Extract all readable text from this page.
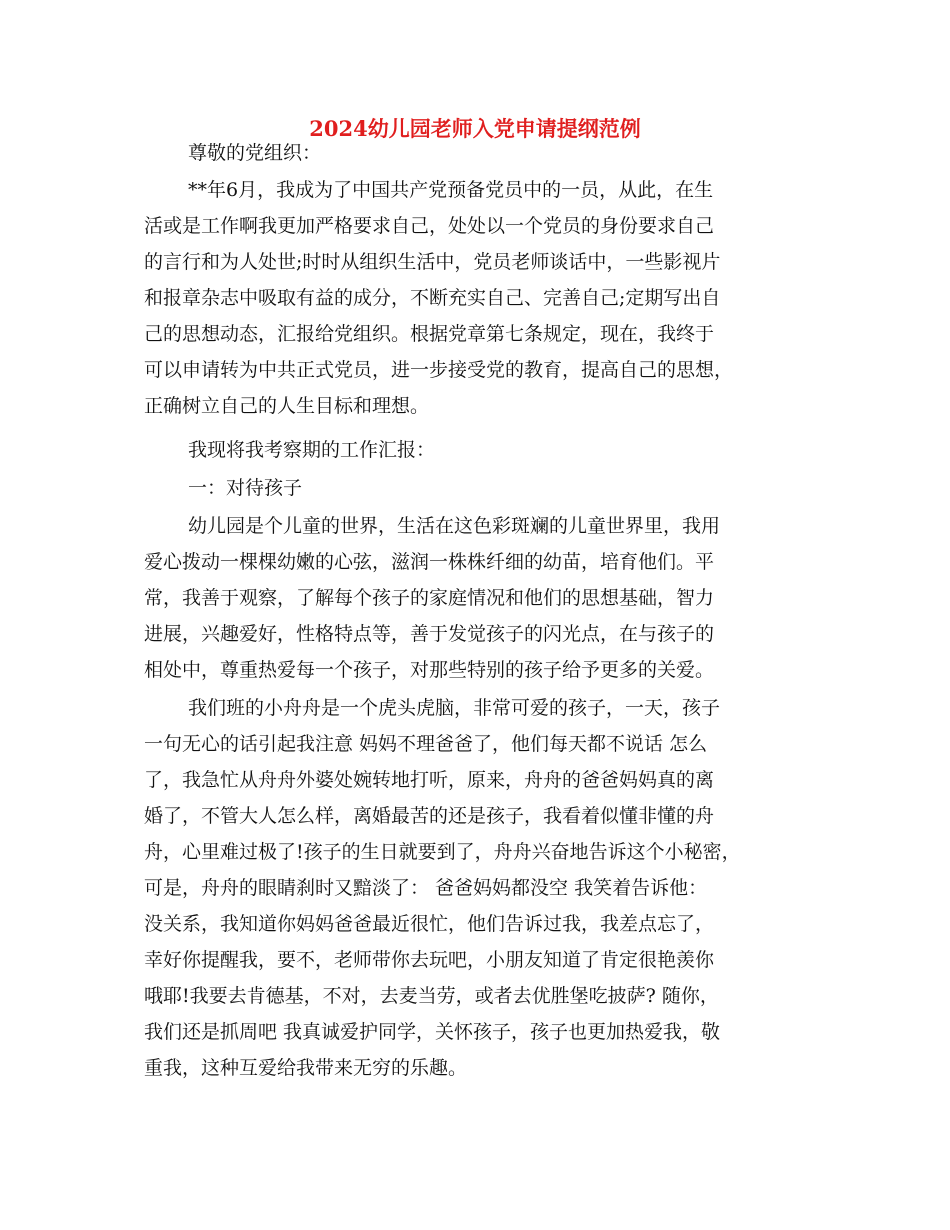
2024幼儿园老师入党申请提纲范例
尊敬的党组织：
**年6月，我成为了中国共产党预备党员中的一员，从此，在生
活或是工作啊我更加严格要求自己，处处以一个党员的身份要求自己
的言行和为人处世;时时从组织生活中，党员老师谈话中，一些影视片
和报章杂志中吸取有益的成分，不断充实自己、完善自己;定期写出自
己的思想动态，汇报给党组织。根据党章第七条规定，现在，我终于
可以申请转为中共正式党员，进一步接受党的教育，提高自己的思想，
正确树立自己的人生目标和理想。
我现将我考察期的工作汇报：
一：对待孩子
幼儿园是个儿童的世界，生活在这色彩斑斓的儿童世界里，我用
爱心拨动一棵棵幼嫩的心弦，滋润一株株纤细的幼苗，培育他们。平
常，我善于观察，了解每个孩子的家庭情况和他们的思想基础，智力
进展，兴趣爱好，性格特点等，善于发觉孩子的闪光点，在与孩子的
相处中，尊重热爱每一个孩子，对那些特别的孩子给予更多的关爱。
我们班的小舟舟是一个虎头虎脑，非常可爱的孩子，一天，孩子
一句无心的话引起我注意 妈妈不理爸爸了，他们每天都不说话 怎么
了，我急忙从舟舟外婆处婉转地打听，原来，舟舟的爸爸妈妈真的离
婚了，不管大人怎么样，离婚最苦的还是孩子，我看着似懂非懂的舟
舟，心里难过极了!孩子的生日就要到了，舟舟兴奋地告诉这个小秘密，
可是，舟舟的眼睛刹时又黯淡了： 爸爸妈妈都没空 我笑着告诉他：
没关系，我知道你妈妈爸爸最近很忙，他们告诉过我，我差点忘了，
幸好你提醒我，要不，老师带你去玩吧，小朋友知道了肯定很艳羡你
哦耶!我要去肯德基，不对，去麦当劳，或者去优胜堡吃披萨? 随你，
我们还是抓周吧 我真诚爱护同学，关怀孩子，孩子也更加热爱我，敬
重我，这种互爱给我带来无穷的乐趣。
